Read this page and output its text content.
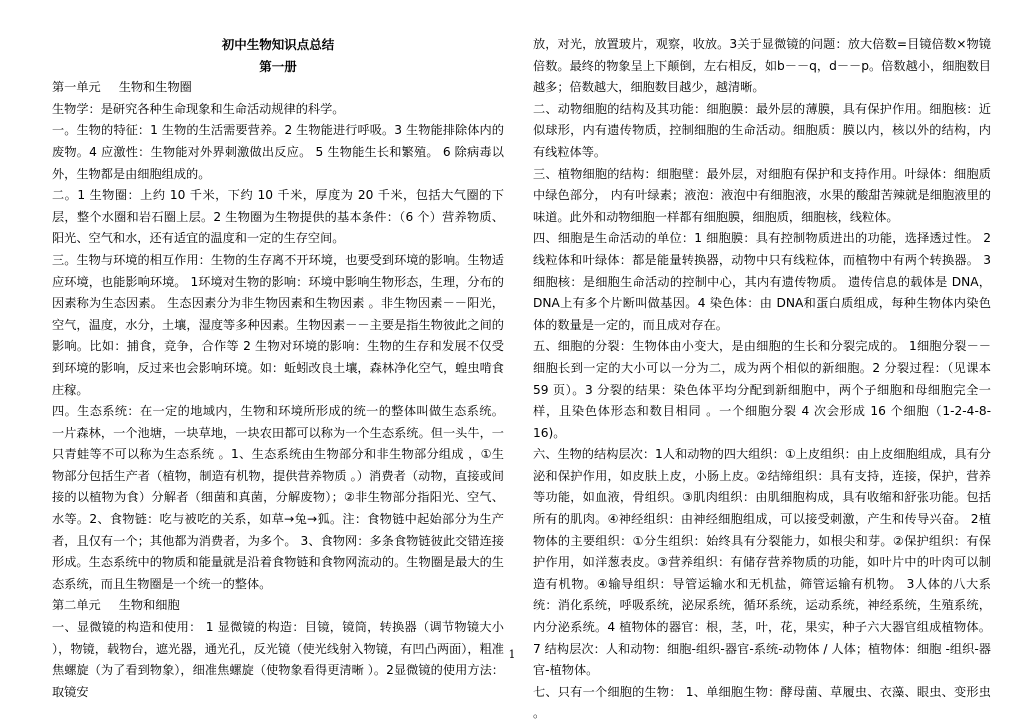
初中生物知识点总结

第一册

第一单元 生物和生物圈

生物学：是研究各种生命现象和生命活动规律的科学。

一。生物的特征：1 生物的生活需要营养。2 生物能进行呼吸。3 生物能排除体内的废物。4 应激性：生物能对外界刺激做出反应。 5 生物能生长和繁殖。 6 除病毒以外，生物都是由细胞组成的。

二。1 生物圈：上约 10 千米，下约 10 千米，厚度为 20 千米，包括大气圈的下层，整个水圈和岩石圈上层。2 生物圈为生物提供的基本条件：（6 个）营养物质、阳光、空气和水，还有适宜的温度和一定的生存空间。

三。生物与环境的相互作用：生物的生存离不开环境，也要受到环境的影响。生物适应环境，也能影响环境。 1环境对生物的影响：环境中影响生物形态，生理，分布的因素称为生态因素。 生态因素分为非生物因素和生物因素 。非生物因素－－阳光，空气，温度，水分，土壤，湿度等多种因素。生物因素－－主要是指生物彼此之间的影响。比如：捕食，竞争，合作等 2 生物对环境的影响：生物的生存和发展不仅受到环境的影响，反过来也会影响环境。如：蚯蚓改良土壤，森林净化空气，蝗虫啃食庄稼。

四。生态系统：在一定的地域内，生物和环境所形成的统一的整体叫做生态系统。 一片森林，一个池塘，一块草地，一块农田都可以称为一个生态系统。但一头牛，一只青蛙等不可以称为生态系统 。1、生态系统由生物部分和非生物部分组成 ，①生物部分包括生产者（植物，制造有机物，提供营养物质 。）消费者（动物，直接或间接的以植物为食）分解者（细菌和真菌，分解废物）；②非生物部分指阳光、空气、水等。2、食物链：吃与被吃的关系，如草→兔→狐。注：食物链中起始部分为生产者，且仅有一个；其他都为消费者，为多个。 3、食物网：多条食物链彼此交错连接形成。生态系统中的物质和能量就是沿着食物链和食物网流动的。生物圈是最大的生态系统，而且生物圈是一个统一的整体。

第二单元 生物和细胞

一、显微镜的构造和使用： 1 显微镜的构造：目镜，镜筒，转换器（调节物镜大小 ），物镜，载物台，遮光器，通光孔，反光镜（使光线射入物镜，有凹凸两面），粗准焦螺旋（为了看到物象），细准焦螺旋（使物象看得更清晰 ）。2显微镜的使用方法：取镜安

放，对光，放置玻片，观察，收放。3关于显微镜的问题：放大倍数=目镜倍数×物镜倍数。最终的物象呈上下颠倒，左右相反，如b－－q，d－－p。倍数越小，细胞数目越多；倍数越大，细胞数目越少，越清晰。

二、动物细胞的结构及其功能：细胞膜：最外层的薄膜，具有保护作用。细胞核：近似球形，内有遗传物质，控制细胞的生命活动。细胞质：膜以内，核以外的结构，内有线粒体等。

三、植物细胞的结构：细胞壁：最外层，对细胞有保护和支持作用。叶绿体：细胞质中绿色部分， 内有叶绿素；液泡：液泡中有细胞液，水果的酸甜苦辣就是细胞液里的味道。此外和动物细胞一样都有细胞膜，细胞质，细胞核，线粒体。

四、细胞是生命活动的单位：1 细胞膜：具有控制物质进出的功能，选择透过性。 2 线粒体和叶绿体：都是能量转换器，动物中只有线粒体，而植物中有两个转换器。 3细胞核：是细胞生命活动的控制中心，其内有遗传物质。 遗传信息的载体是 DNA，DNA上有多个片断叫做基因。4 染色体：由 DNA和蛋白质组成，每种生物体内染色体的数量是一定的，而且成对存在。

五、细胞的分裂：生物体由小变大，是由细胞的生长和分裂完成的。 1细胞分裂－－细胞长到一定的大小可以一分为二，成为两个相似的新细胞。2 分裂过程：（见课本 59 页）。3 分裂的结果：染色体平均分配到新细胞中，两个子细胞和母细胞完全一样，且染色体形态和数目相同 。一个细胞分裂 4 次会形成 16 个细胞（1-2-4-8-16)。

六、生物的结构层次：1人和动物的四大组织：①上皮组织：由上皮细胞组成，具有分泌和保护作用，如皮肤上皮，小肠上皮。②结缔组织：具有支持，连接，保护，营养等功能，如血液，骨组织。③肌肉组织：由肌细胞构成，具有收缩和舒张功能。包括所有的肌肉。④神经组织：由神经细胞组成，可以接受刺激，产生和传导兴奋。 2植物体的主要组织：①分生组织：始终具有分裂能力，如根尖和芽。②保护组织：有保护作用，如洋葱表皮。③营养组织：有储存营养物质的功能，如叶片中的叶肉可以制造有机物。④输导组织：导管运输水和无机盐，筛管运输有机物。 3人体的八大系统：消化系统，呼吸系统，泌尿系统，循环系统，运动系统，神经系统，生殖系统，内分泌系统。4 植物体的器官：根，茎，叶，花，果实，种子六大器官组成植物体。 7 结构层次：人和动物：细胞-组织-器官-系统-动物体 / 人体；植物体：细胞 -组织-器官-植物体。

七、只有一个细胞的生物： 1、单细胞生物：酵母菌、草履虫、衣藻、眼虫、变形虫 。

1
